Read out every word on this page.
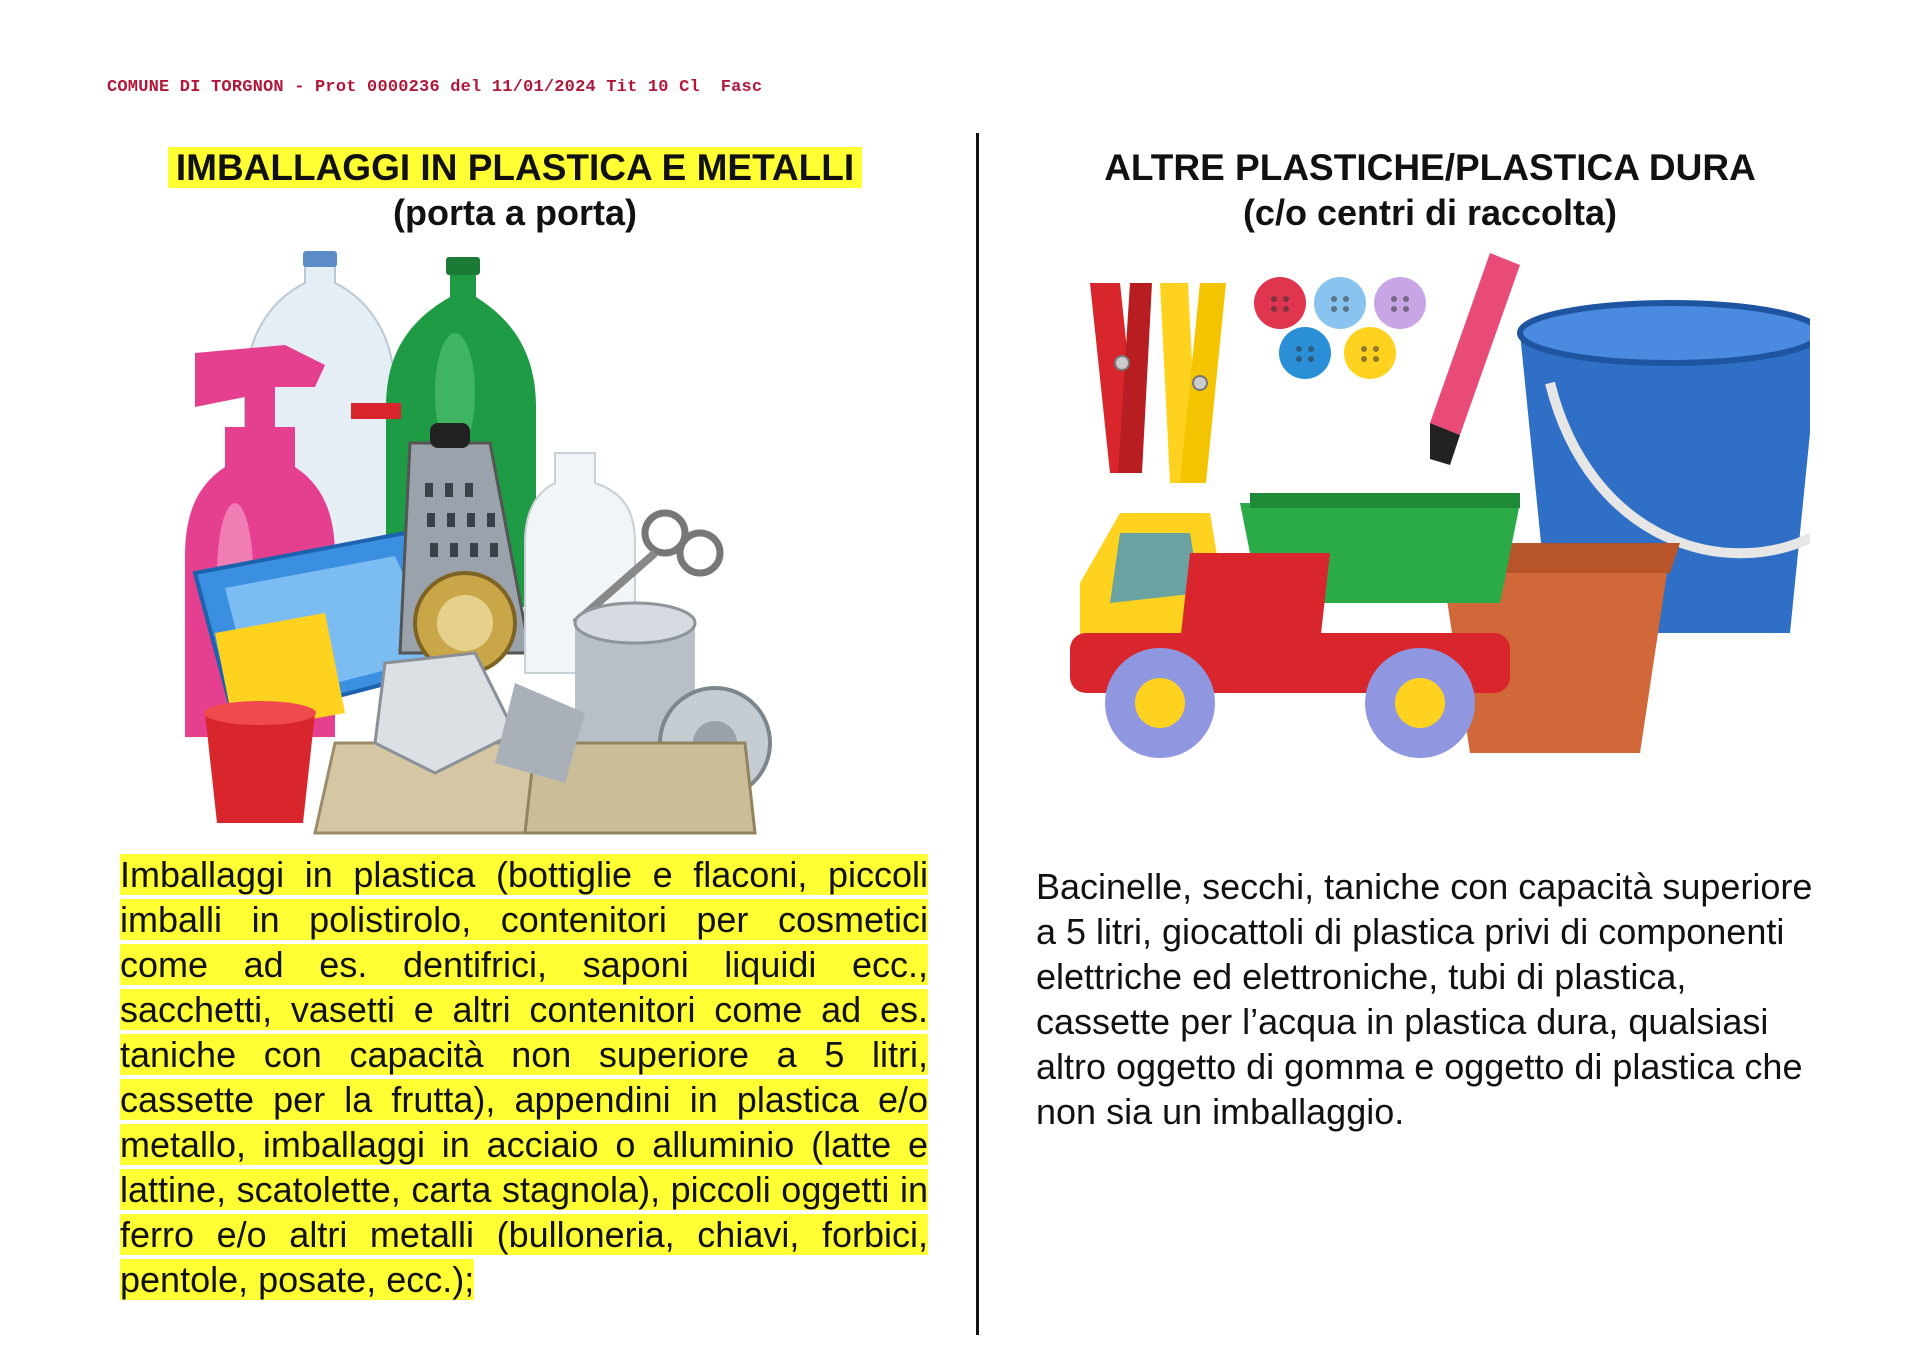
COMUNE DI TORGNON - Prot 0000236 del 11/01/2024 Tit 10 Cl  Fasc
IMBALLAGGI IN PLASTICA E METALLI
(porta a porta)
Imballaggi in plastica (bottiglie e flaconi, piccoli imballi in polistirolo, contenitori per cosmetici come ad es. dentifrici, saponi liquidi ecc., sacchetti, vasetti e altri contenitori come ad es. taniche con capacità non superiore a 5 litri, cassette per la frutta), appendini in plastica e/o metallo, imballaggi in acciaio o alluminio (latte e lattine, scatolette, carta stagnola), piccoli oggetti in ferro e/o altri metalli (bulloneria, chiavi, forbici, pentole, posate, ecc.);
ALTRE PLASTICHE/PLASTICA DURA
(c/o centri di raccolta)
Bacinelle, secchi, taniche con capacità superiore a 5 litri, giocattoli di plastica privi di componenti elettriche ed elettroniche, tubi di plastica, cassette per l’acqua in plastica dura, qualsiasi altro oggetto di gomma e oggetto di plastica che non sia un imballaggio.
